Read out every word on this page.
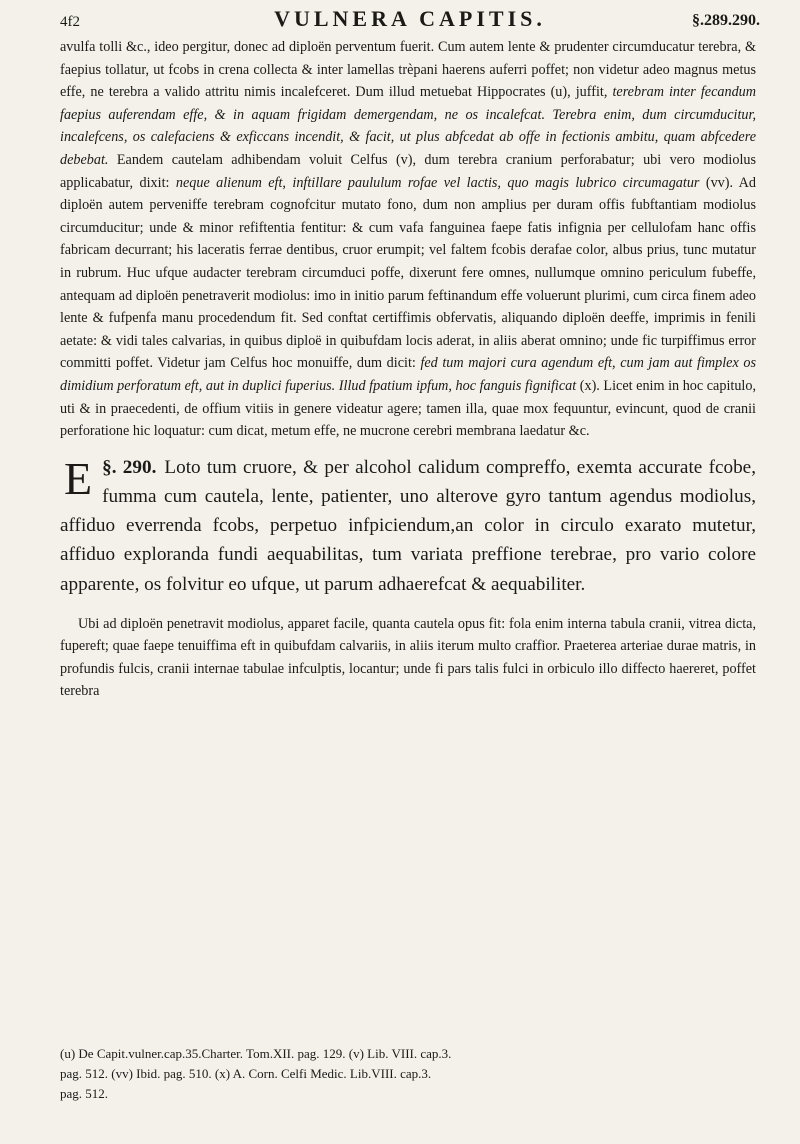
4f2	VULNERA CAPITIS.	§.289.290.

avulfa tolli &c., ideo pergitur, donec ad diploën perventum fuerit. Cum autem lente & prudenter circumducatur terebra, & faepius tollatur, ut fcobs in crena collecta & inter lamellas trèpani haerens auferri poffet; non videtur adeo magnus metus effe, ne terebra a valido attritu nimis incalefceret. Dum illud metuebat Hippocrates (u), juffit, terebram inter fecandum faepius auferendam effe, & in aquam frigidam demergendam, ne os incalefcat. Terebra enim, dum circumducitur, incalefcens, os calefaciens & exficcans incendit, & facit, ut plus abfcedat ab offe in fectionis ambitu, quam abfcedere debebat. Eandem cautelam adhibendam voluit Celfus (v), dum terebra cranium perforabatur; ubi vero modiolus applicabatur, dixit: neque alienum eft, inftillare paululum rofae vel lactis, quo magis lubrico circumagatur (vv). Ad diploën autem perveniffe terebram cognofcitur mutato fono, dum non amplius per duram offis fubftantiam modiolus circumducitur; unde & minor refiftentia fentitur: & cum vafa fanguinea faepe fatis infignia per cellulofam hanc offis fabricam decurrant; his laceratis ferrae dentibus, cruor erumpit; vel faltem fcobis derafae color, albus prius, tunc mutatur in rubrum. Huc ufque audacter terebram circumduci poffe, dixerunt fere omnes, nullumque omnino periculum fubeffe, antequam ad diploën penetraverit modiolus: imo in initio parum feftinandum effe voluerunt plurimi, cum circa finem adeo lente & fufpenfa manu procedendum fit. Sed conftat certiffimis obfervatis, aliquando diploën deeffe, imprimis in fenili aetate: & vidi tales calvarias, in quibus diploë in quibufdam locis aderat, in aliis aberat omnino; unde fic turpiffimus error committi poffet. Videtur jam Celfus hoc monuiffe, dum dicit: fed tum majori cura agendum eft, cum jam aut fimplex os dimidium perforatum eft, aut in duplici fuperius. Illud fpatium ipfum, hoc fanguis fignificat (x). Licet enim in hoc capitulo, uti & in praecedenti, de offium vitiis in genere videatur agere; tamen illa, quae mox fequuntur, evincunt, quod de cranii perforatione hic loquatur: cum dicat, metum effe, ne mucrone cerebri membrana laedatur &c.

§. 290.
E	Loto tum cruore, & per alcohol calidum compreffo, exemta accurate fcobe, fumma cum cautela, lente, patienter, uno alterove gyro tantum agendus modiolus, affiduo everrenda fcobs, perpetuo infpiciendum,an color in circulo exarato mutetur, affiduo exploranda fundi aequabilitas, tum variata preffione terebrae, pro vario colore apparente, os folvitur eo ufque, ut parum adhaerefcat & aequabiliter.

Ubi ad diploën penetravit modiolus, apparet facile, quanta cautela opus fit: fola enim interna tabula cranii, vitrea dicta, fupereft; quae faepe tenuiffima eft in quibufdam calvariis, in aliis iterum multo craffior. Praeterea arteriae durae matris, in profundis fulcis, cranii internae tabulae infculptis, locantur; unde fi pars talis fulci in orbiculo illo diffecto haereret, poffet terebra

(u) De Capit.vulner.cap.35.Charter. Tom.XII. pag. 129. (v) Lib. VIII. cap.3.
pag. 512. (vv) Ibid. pag. 510. (x) A. Corn. Celfi Medic. Lib.VIII. cap.3.
pag. 512.
